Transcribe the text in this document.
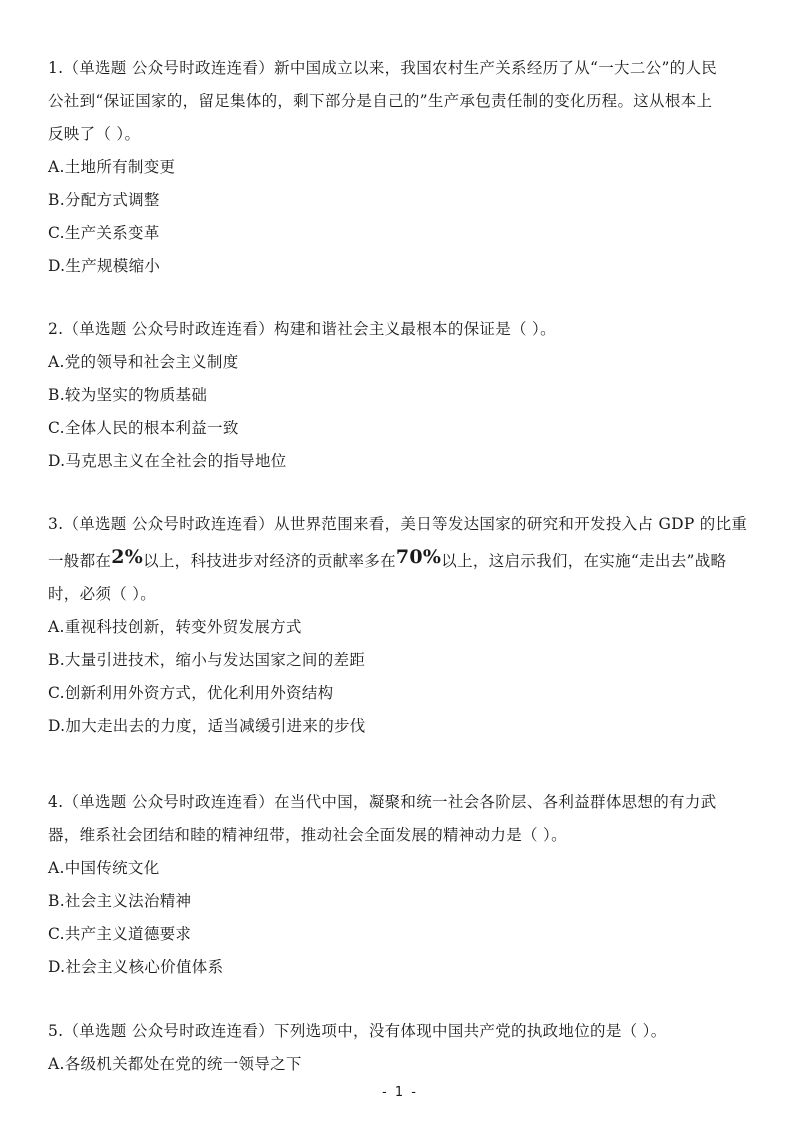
1.（单选题 公众号时政连连看）新中国成立以来，我国农村生产关系经历了从“一大二公”的人民

公社到“保证国家的，留足集体的，剩下部分是自己的”生产承包责任制的变化历程。这从根本上

反映了（ ）。

A.土地所有制变更

B.分配方式调整

C.生产关系变革

D.生产规模缩小

2.（单选题 公众号时政连连看）构建和谐社会主义最根本的保证是（ ）。

A.党的领导和社会主义制度

B.较为坚实的物质基础

C.全体人民的根本利益一致

D.马克思主义在全社会的指导地位

3.（单选题 公众号时政连连看）从世界范围来看，美日等发达国家的研究和开发投入占 GDP 的比重

一般都在2%以上，科技进步对经济的贡献率多在70%以上，这启示我们，在实施“走出去”战略

时，必须（ ）。

A.重视科技创新，转变外贸发展方式

B.大量引进技术，缩小与发达国家之间的差距

C.创新利用外资方式，优化利用外资结构

D.加大走出去的力度，适当减缓引进来的步伐

4.（单选题 公众号时政连连看）在当代中国，凝聚和统一社会各阶层、各利益群体思想的有力武

器，维系社会团结和睦的精神纽带，推动社会全面发展的精神动力是（ ）。

A.中国传统文化

B.社会主义法治精神

C.共产主义道德要求

D.社会主义核心价值体系

5.（单选题 公众号时政连连看）下列选项中，没有体现中国共产党的执政地位的是（ ）。

A.各级机关都处在党的统一领导之下

- 1 -
